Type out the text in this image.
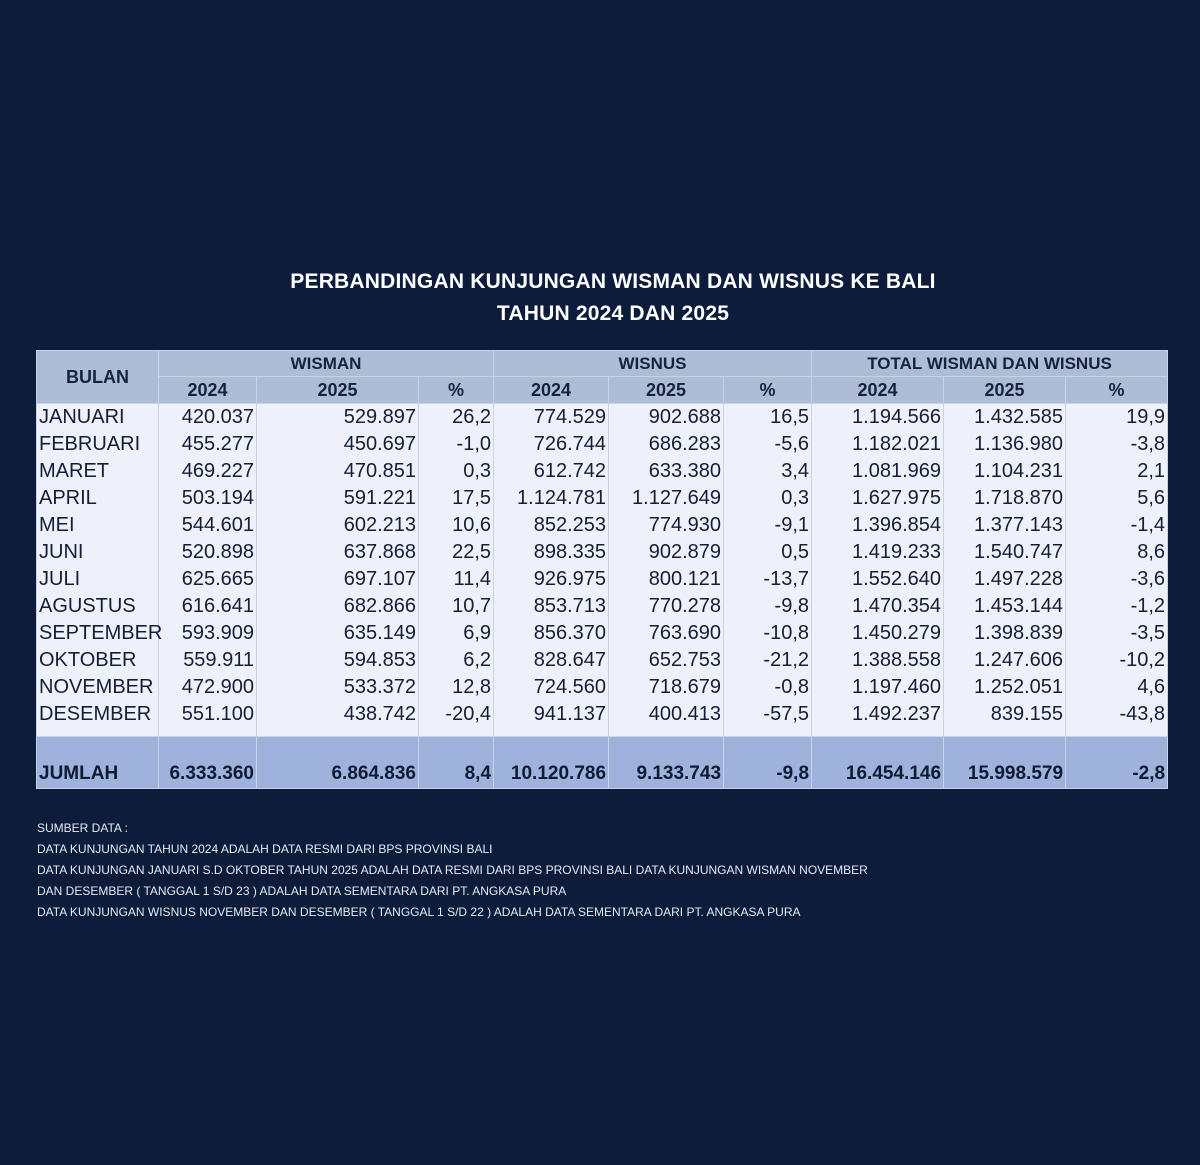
PERBANDINGAN KUNJUNGAN WISMAN DAN WISNUS KE BALI
TAHUN 2024 DAN 2025
BULAN	WISMAN			WISNUS			TOTAL WISMAN DAN WISNUS		
	2024	2025	%	2024	2025	%	2024	2025	%
JANUARI	420.037	529.897	26,2	774.529	902.688	16,5	1.194.566	1.432.585	19,9
FEBRUARI	455.277	450.697	-1,0	726.744	686.283	-5,6	1.182.021	1.136.980	-3,8
MARET	469.227	470.851	0,3	612.742	633.380	3,4	1.081.969	1.104.231	2,1
APRIL	503.194	591.221	17,5	1.124.781	1.127.649	0,3	1.627.975	1.718.870	5,6
MEI	544.601	602.213	10,6	852.253	774.930	-9,1	1.396.854	1.377.143	-1,4
JUNI	520.898	637.868	22,5	898.335	902.879	0,5	1.419.233	1.540.747	8,6
JULI	625.665	697.107	11,4	926.975	800.121	-13,7	1.552.640	1.497.228	-3,6
AGUSTUS	616.641	682.866	10,7	853.713	770.278	-9,8	1.470.354	1.453.144	-1,2
SEPTEMBER	593.909	635.149	6,9	856.370	763.690	-10,8	1.450.279	1.398.839	-3,5
OKTOBER	559.911	594.853	6,2	828.647	652.753	-21,2	1.388.558	1.247.606	-10,2
NOVEMBER	472.900	533.372	12,8	724.560	718.679	-0,8	1.197.460	1.252.051	4,6
DESEMBER	551.100	438.742	-20,4	941.137	400.413	-57,5	1.492.237	839.155	-43,8

JUMLAH	6.333.360	6.864.836	8,4	10.120.786	9.133.743	-9,8	16.454.146	15.998.579	-2,8
SUMBER DATA :
DATA KUNJUNGAN TAHUN 2024 ADALAH DATA RESMI DARI BPS PROVINSI BALI
DATA KUNJUNGAN JANUARI S.D OKTOBER TAHUN 2025 ADALAH DATA RESMI DARI BPS PROVINSI BALI DATA KUNJUNGAN WISMAN NOVEMBER
DAN DESEMBER ( TANGGAL 1 S/D 23 ) ADALAH DATA SEMENTARA DARI PT. ANGKASA PURA
DATA KUNJUNGAN WISNUS NOVEMBER DAN DESEMBER ( TANGGAL 1 S/D 22 ) ADALAH DATA SEMENTARA DARI PT. ANGKASA PURA
